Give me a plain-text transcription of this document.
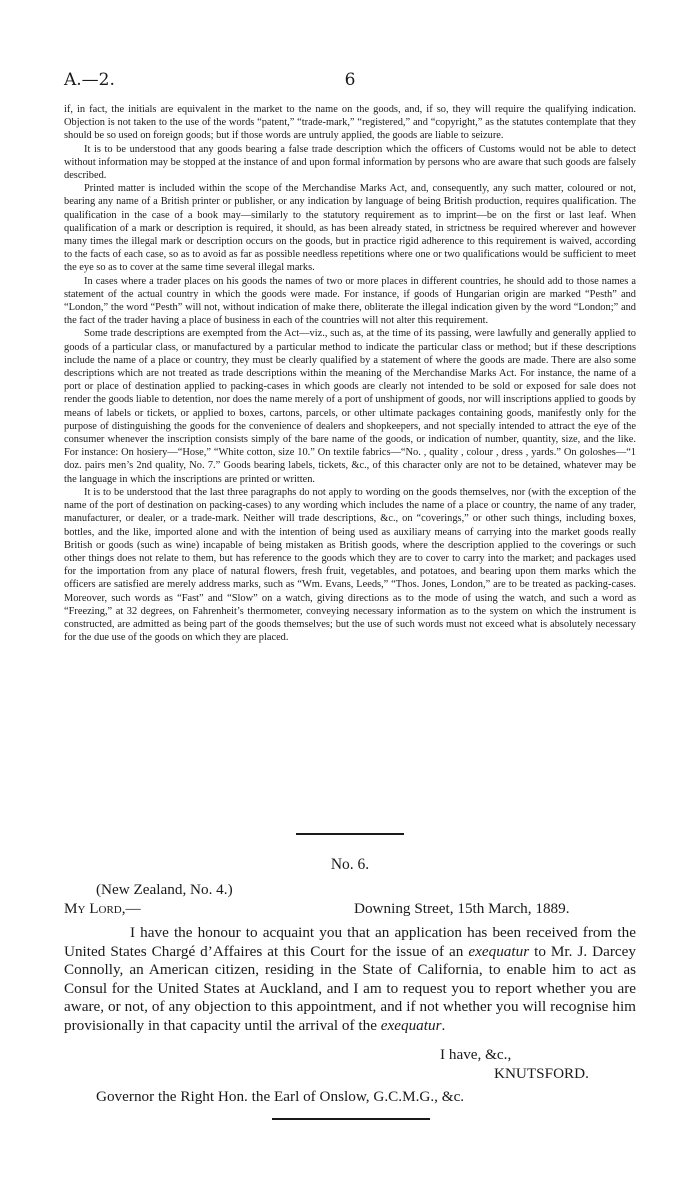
A.—2.	6

if, in fact, the initials are equivalent in the market to the name on the goods, and, if so, they will require the qualifying indication. Objection is not taken to the use of the words “patent,” “trade-mark,” “registered,” and “copyright,” as the statutes contemplate that they should be so used on foreign goods; but if those words are untruly applied, the goods are liable to seizure.

It is to be understood that any goods bearing a false trade description which the officers of Customs would not be able to detect without information may be stopped at the instance of and upon formal information by persons who are aware that such goods are falsely described.

Printed matter is included within the scope of the Merchandise Marks Act, and, consequently, any such matter, coloured or not, bearing any name of a British printer or publisher, or any indication by language of being British production, requires qualification. The qualification in the case of a book may—similarly to the statutory requirement as to imprint—be on the first or last leaf. When qualification of a mark or description is required, it should, as has been already stated, in strictness be required wherever and however many times the illegal mark or description occurs on the goods, but in practice rigid adherence to this requirement is waived, according to the facts of each case, so as to avoid as far as possible needless repetitions where one or two qualifications would be sufficient to meet the eye so as to cover at the same time several illegal marks.

In cases where a trader places on his goods the names of two or more places in different countries, he should add to those names a statement of the actual country in which the goods were made. For instance, if goods of Hungarian origin are marked “Pesth” and “London,” the word “Pesth” will not, without indication of make there, obliterate the illegal indication given by the word “London;” and the fact of the trader having a place of business in each of the countries will not alter this requirement.

Some trade descriptions are exempted from the Act—viz., such as, at the time of its passing, were lawfully and generally applied to goods of a particular class, or manufactured by a particular method to indicate the particular class or method; but if these descriptions include the name of a place or country, they must be clearly qualified by a statement of where the goods are made. There are also some descriptions which are not treated as trade descriptions within the meaning of the Merchandise Marks Act. For instance, the name of a port or place of destination applied to packing-cases in which goods are clearly not intended to be sold or exposed for sale does not render the goods liable to detention, nor does the name merely of a port of unshipment of goods, nor will inscriptions applied to goods by means of labels or tickets, or applied to boxes, cartons, parcels, or other ultimate packages containing goods, manifestly only for the purpose of distinguishing the goods for the convenience of dealers and shopkeepers, and not specially intended to attract the eye of the consumer whenever the inscription consists simply of the bare name of the goods, or indication of number, quantity, size, and the like. For instance: On hosiery—“Hose,” “White cotton, size 10.” On textile fabrics—“No. , quality , colour , dress , yards.” On goloshes—“1 doz. pairs men’s 2nd quality, No. 7.” Goods bearing labels, tickets, &c., of this character only are not to be detained, whatever may be the language in which the inscriptions are printed or written.

It is to be understood that the last three paragraphs do not apply to wording on the goods themselves, nor (with the exception of the name of the port of destination on packing-cases) to any wording which includes the name of a place or country, the name of any trader, manufacturer, or dealer, or a trade-mark. Neither will trade descriptions, &c., on “coverings,” or other such things, including boxes, bottles, and the like, imported alone and with the intention of being used as auxiliary means of carrying into the market goods really British or goods (such as wine) incapable of being mistaken as British goods, where the description applied to the coverings or such other things does not relate to them, but has reference to the goods which they are to cover to carry into the market; and packages used for the importation from any place of natural flowers, fresh fruit, vegetables, and potatoes, and bearing upon them marks which the officers are satisfied are merely address marks, such as “Wm. Evans, Leeds,” “Thos. Jones, London,” are to be treated as packing-cases. Moreover, such words as “Fast” and “Slow” on a watch, giving directions as to the mode of using the watch, and such a word as “Freezing,” at 32 degrees, on Fahrenheit’s thermometer, conveying necessary information as to the system on which the instrument is constructed, are admitted as being part of the goods themselves; but the use of such words must not exceed what is absolutely necessary for the due use of the goods on which they are placed.

No. 6.
(New Zealand, No. 4.)
My Lord,—	Downing Street, 15th March, 1889.

I have the honour to acquaint you that an application has been received from the United States Chargé d’Affaires at this Court for the issue of an exequatur to Mr. J. Darcey Connolly, an American citizen, residing in the State of California, to enable him to act as Consul for the United States at Auckland, and I am to request you to report whether you are aware, or not, of any objection to this appointment, and if not whether you will recognise him provisionally in that capacity until the arrival of the exequatur.

I have, &c.,
KNUTSFORD.
Governor the Right Hon. the Earl of Onslow, G.C.M.G., &c.
